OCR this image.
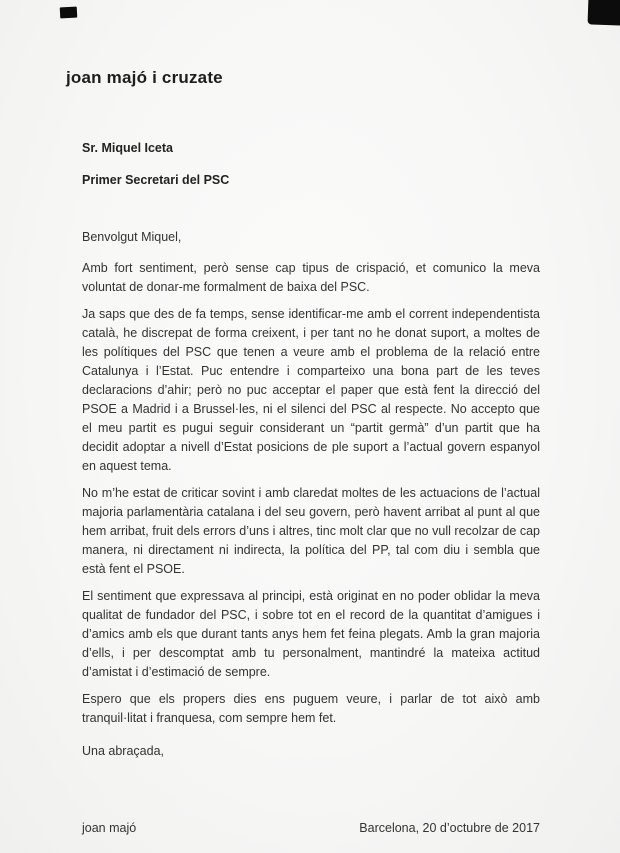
joan majó i cruzate

Sr. Miquel Iceta

Primer Secretari del PSC

Benvolgut Miquel,

Amb fort sentiment, però sense cap tipus de crispació, et comunico la meva voluntat de donar-me formalment de baixa del PSC.

Ja saps que des de fa temps, sense identificar-me amb el corrent independentista català, he discrepat de forma creixent, i per tant no he donat suport, a moltes de les polítiques del PSC que tenen a veure amb el problema de la relació entre Catalunya i l’Estat. Puc entendre i comparteixo una bona part de les teves declaracions d’ahir; però no puc acceptar el paper que està fent la direcció del PSOE a Madrid i a Brussel·les, ni el silenci del PSC al respecte. No accepto que el meu partit es pugui seguir considerant un “partit germà” d’un partit que ha decidit adoptar a nivell d’Estat posicions de ple suport a l’actual govern espanyol en aquest tema.

No m’he estat de criticar sovint i amb claredat moltes de les actuacions de l’actual majoria parlamentària catalana i del seu govern, però havent arribat al punt al que hem arribat, fruit dels errors d’uns i altres, tinc molt clar que no vull recolzar de cap manera, ni directament ni indirecta, la política del PP, tal com diu i sembla que està fent el PSOE.

El sentiment que expressava al principi, està originat en no poder oblidar la meva qualitat de fundador del PSC, i sobre tot en el record de la quantitat d’amigues i d’amics amb els que durant tants anys hem fet feina plegats. Amb la gran majoria d’ells, i per descomptat amb tu personalment, mantindré la mateixa actitud d’amistat i d’estimació de sempre.

Espero que els propers dies ens puguem veure, i parlar de tot això amb tranquil·litat i franquesa, com sempre hem fet.

Una abraçada,

joan majó	Barcelona, 20 d’octubre de 2017
